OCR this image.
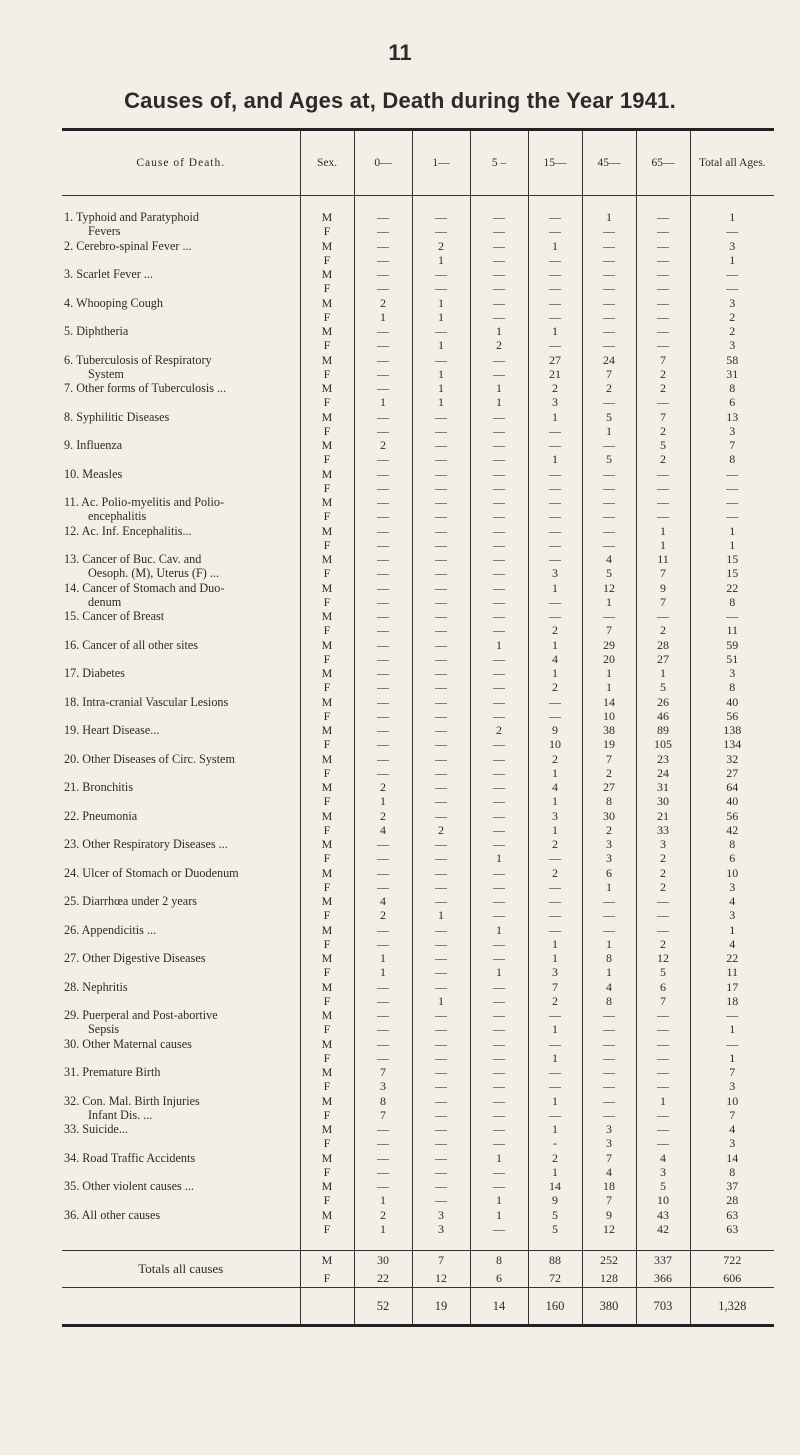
11
Causes of, and Ages at, Death during the Year 1941.
Cause of Death.	Sex.	0—	1—	5 –	15—	45—	65—	Total all Ages.

1. Typhoid and Paratyphoid	M	—	—	—	—	1	—	1
Fevers	F	—	—	—	—	—	—	—
2. Cerebro-spinal Fever ...	M	—	2	—	1	—	—	3
	F	—	1	—	—	—	—	1
3. Scarlet Fever ...	M	—	—	—	—	—	—	—
	F	—	—	—	—	—	—	—
4. Whooping Cough	M	2	1	—	—	—	—	3
	F	1	1	—	—	—	—	2
5. Diphtheria	M	—	—	1	1	—	—	2
	F	—	1	2	—	—	—	3
6. Tuberculosis of Respiratory	M	—	—	—	27	24	7	58
System	F	—	1	—	21	7	2	31
7. Other forms of Tuberculosis ...	M	—	1	1	2	2	2	8
	F	1	1	1	3	—	—	6
8. Syphilitic Diseases	M	—	—	—	1	5	7	13
	F	—	—	—	—	1	2	3
9. Influenza	M	2	—	—	—	—	5	7
	F	—	—	—	1	5	2	8
10. Measles	M	—	—	—	—	—	—	—
	F	—	—	—	—	—	—	—
11. Ac. Polio-myelitis and Polio-	M	—	—	—	—	—	—	—
encephalitis	F	—	—	—	—	—	—	—
12. Ac. Inf. Encephalitis...	M	—	—	—	—	—	1	1
	F	—	—	—	—	—	1	1
13. Cancer of Buc. Cav. and	M	—	—	—	—	4	11	15
Oesoph. (M), Uterus (F) ...	F	—	—	—	3	5	7	15
14. Cancer of Stomach and Duo-	M	—	—	—	1	12	9	22
denum	F	—	—	—	—	1	7	8
15. Cancer of Breast	M	—	—	—	—	—	—	—
	F	—	—	—	2	7	2	11
16. Cancer of all other sites	M	—	—	1	1	29	28	59
	F	—	—	—	4	20	27	51
17. Diabetes	M	—	—	—	1	1	1	3
	F	—	—	—	2	1	5	8
18. Intra-cranial Vascular Lesions	M	—	—	—	—	14	26	40
	F	—	—	—	—	10	46	56
19. Heart Disease...	M	—	—	2	9	38	89	138
	F	—	—	—	10	19	105	134
20. Other Diseases of Circ. System	M	—	—	—	2	7	23	32
	F	—	—	—	1	2	24	27
21. Bronchitis	M	2	—	—	4	27	31	64
	F	1	—	—	1	8	30	40
22. Pneumonia	M	2	—	—	3	30	21	56
	F	4	2	—	1	2	33	42
23. Other Respiratory Diseases ...	M	—	—	—	2	3	3	8
	F	—	—	1	—	3	2	6
24. Ulcer of Stomach or Duodenum	M	—	—	—	2	6	2	10
	F	—	—	—	—	1	2	3
25. Diarrhœa under 2 years	M	4	—	—	—	—	—	4
	F	2	1	—	—	—	—	3
26. Appendicitis ...	M	—	—	1	—	—	—	1
	F	—	—	—	1	1	2	4
27. Other Digestive Diseases	M	1	—	—	1	8	12	22
	F	1	—	1	3	1	5	11
28. Nephritis	M	—	—	—	7	4	6	17
	F	—	1	—	2	8	7	18
29. Puerperal and Post-abortive	M	—	—	—	—	—	—	—
Sepsis	F	—	—	—	1	—	—	1
30. Other Maternal causes	M	—	—	—	—	—	—	—
	F	—	—	—	1	—	—	1
31. Premature Birth	M	7	—	—	—	—	—	7
	F	3	—	—	—	—	—	3
32. Con. Mal. Birth Injuries	M	8	—	—	1	—	1	10
Infant Dis. ...	F	7	—	—	—	—	—	7
33. Suicide...	M	—	—	—	1	3	—	4
	F	—	—	—	-	3	—	3
34. Road Traffic Accidents	M	—	—	1	2	7	4	14
	F	—	—	—	1	4	3	8
35. Other violent causes ...	M	—	—	—	14	18	5	37
	F	1	—	1	9	7	10	28
36. All other causes	M	2	3	1	5	9	43	63
	F	1	3	—	5	12	42	63

Totals all causes	M	30	7	8	88	252	337	722
	F	22	12	6	72	128	366	606
		52	19	14	160	380	703	1,328
